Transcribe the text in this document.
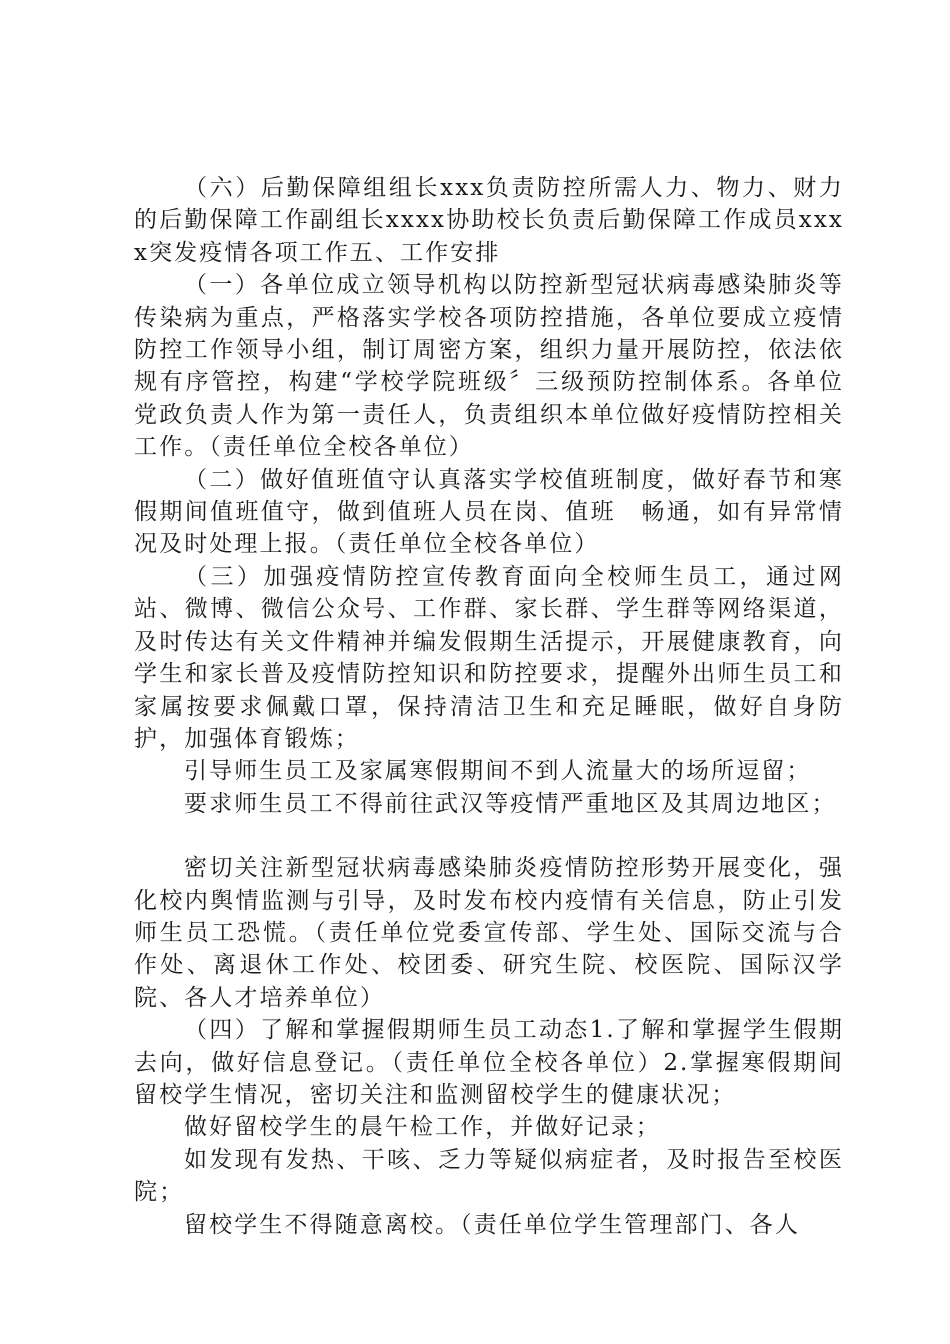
（六）后勤保障组组长xxx负责防控所需人力、物力、财力的后勤保障工作副组长xxxx协助校长负责后勤保障工作成员xxxx突发疫情各项工作五、工作安排

（一）各单位成立领导机构以防控新型冠状病毒感染肺炎等传染病为重点，严格落实学校各项防控措施，各单位要成立疫情防控工作领导小组，制订周密方案，组织力量开展防控，依法依规有序管控，构建“学校学院班级〞三级预防控制体系。各单位党政负责人作为第一责任人，负责组织本单位做好疫情防控相关工作。（责任单位全校各单位）

（二）做好值班值守认真落实学校值班制度，做好春节和寒假期间值班值守，做到值班人员在岗、值班　畅通，如有异常情况及时处理上报。（责任单位全校各单位）

（三）加强疫情防控宣传教育面向全校师生员工，通过网站、微博、微信公众号、工作群、家长群、学生群等网络渠道，及时传达有关文件精神并编发假期生活提示，开展健康教育，向学生和家长普及疫情防控知识和防控要求，提醒外出师生员工和家属按要求佩戴口罩，保持清洁卫生和充足睡眠，做好自身防护，加强体育锻炼；

引导师生员工及家属寒假期间不到人流量大的场所逗留；

要求师生员工不得前往武汉等疫情严重地区及其周边地区；

密切关注新型冠状病毒感染肺炎疫情防控形势开展变化，强化校内舆情监测与引导，及时发布校内疫情有关信息，防止引发师生员工恐慌。（责任单位党委宣传部、学生处、国际交流与合作处、离退休工作处、校团委、研究生院、校医院、国际汉学院、各人才培养单位）

（四）了解和掌握假期师生员工动态1.了解和掌握学生假期去向，做好信息登记。（责任单位全校各单位）2.掌握寒假期间留校学生情况，密切关注和监测留校学生的健康状况；

做好留校学生的晨午检工作，并做好记录；

如发现有发热、干咳、乏力等疑似病症者，及时报告至校医院；

留校学生不得随意离校。（责任单位学生管理部门、各人
